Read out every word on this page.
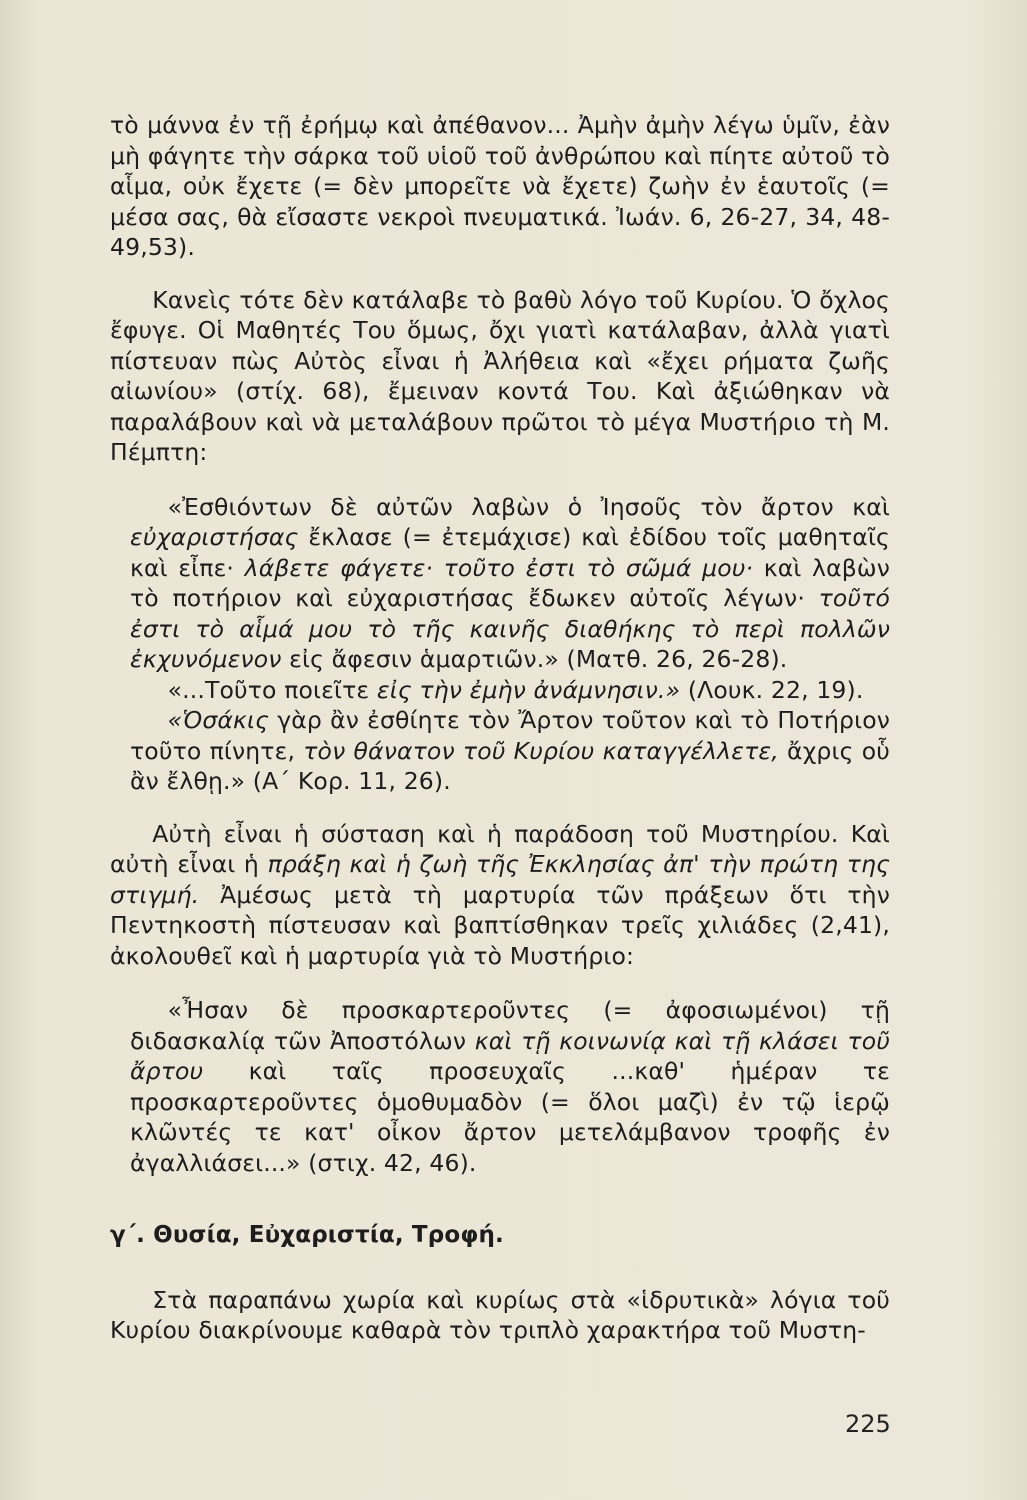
τὸ μάννα ἐν τῇ ἐρήμῳ καὶ ἀπέθανον... Ἀμὴν ἀμὴν λέγω ὑμῖν, ἐὰν μὴ φάγητε τὴν σάρκα τοῦ υἱοῦ τοῦ ἀνθρώπου καὶ πίητε αὐτοῦ τὸ αἷμα, οὐκ ἔχετε (= δὲν μπορεῖτε νὰ ἔχετε) ζωὴν ἐν ἑαυτοῖς (= μέσα σας, θὰ εἴσαστε νεκροὶ πνευματικά. Ἰωάν. 6, 26-27, 34, 48-49,53).

Κανεὶς τότε δὲν κατάλαβε τὸ βαθὺ λόγο τοῦ Κυρίου. Ὁ ὄχλος ἔφυγε. Οἱ Μαθητές Του ὅμως, ὄχι γιατὶ κατάλαβαν, ἀλλὰ γιατὶ πίστευαν πὼς Αὐτὸς εἶναι ἡ Ἀλήθεια καὶ «ἔχει ρήματα ζωῆς αἰωνίου» (στίχ. 68), ἔμειναν κοντά Του. Καὶ ἀξιώθηκαν νὰ παραλάβουν καὶ νὰ μεταλάβουν πρῶτοι τὸ μέγα Μυστήριο τὴ Μ. Πέμπτη:

«Ἐσθιόντων δὲ αὐτῶν λαβὼν ὁ Ἰησοῦς τὸν ἄρτον καὶ εὐχαριστήσας ἔκλασε (= ἐτεμάχισε) καὶ ἐδίδου τοῖς μαθηταῖς καὶ εἶπε· λάβετε φάγετε· τοῦτο ἐστι τὸ σῶμά μου· καὶ λαβὼν τὸ ποτήριον καὶ εὐχαριστήσας ἔδωκεν αὐτοῖς λέγων· τοῦτό ἐστι τὸ αἷμά μου τὸ τῆς καινῆς διαθήκης τὸ περὶ πολλῶν ἐκχυνόμενον εἰς ἄφεσιν ἁμαρτιῶν.» (Ματθ. 26, 26-28).

«...Τοῦτο ποιεῖτε εἰς τὴν ἐμὴν ἀνάμνησιν.» (Λουκ. 22, 19).

«Ὁσάκις γὰρ ἂν ἐσθίητε τὸν Ἄρτον τοῦτον καὶ τὸ Ποτήριον τοῦτο πίνητε, τὸν θάνατον τοῦ Κυρίου καταγγέλλετε, ἄχρις οὗ ἂν ἔλθῃ.» (Α΄ Κορ. 11, 26).

Αὐτὴ εἶναι ἡ σύσταση καὶ ἡ παράδοση τοῦ Μυστηρίου. Καὶ αὐτὴ εἶναι ἡ πράξη καὶ ἡ ζωὴ τῆς Ἐκκλησίας ἀπ' τὴν πρώτη της στιγμή. Ἀμέσως μετὰ τὴ μαρτυρία τῶν πράξεων ὅτι τὴν Πεντηκοστὴ πίστευσαν καὶ βαπτίσθηκαν τρεῖς χιλιάδες (2,41), ἀκολουθεῖ καὶ ἡ μαρτυρία γιὰ τὸ Μυστήριο:

«Ἦσαν δὲ προσκαρτεροῦντες (= ἀφοσιωμένοι) τῇ διδασκαλίᾳ τῶν Ἀποστόλων καὶ τῇ κοινωνίᾳ καὶ τῇ κλάσει τοῦ ἄρτου καὶ ταῖς προσευχαῖς ...καθ' ἡμέραν τε προσκαρτεροῦντες ὁμοθυμαδὸν (= ὅλοι μαζὶ) ἐν τῷ ἱερῷ κλῶντές τε κατ' οἶκον ἄρτον μετελάμβανον τροφῆς ἐν ἀγαλλιάσει...» (στιχ. 42, 46).

γ΄. Θυσία, Εὐχαριστία, Τροφή.

Στὰ παραπάνω χωρία καὶ κυρίως στὰ «ἱδρυτικὰ» λόγια τοῦ Κυρίου διακρίνουμε καθαρὰ τὸν τριπλὸ χαρακτήρα τοῦ Μυστη-

225
